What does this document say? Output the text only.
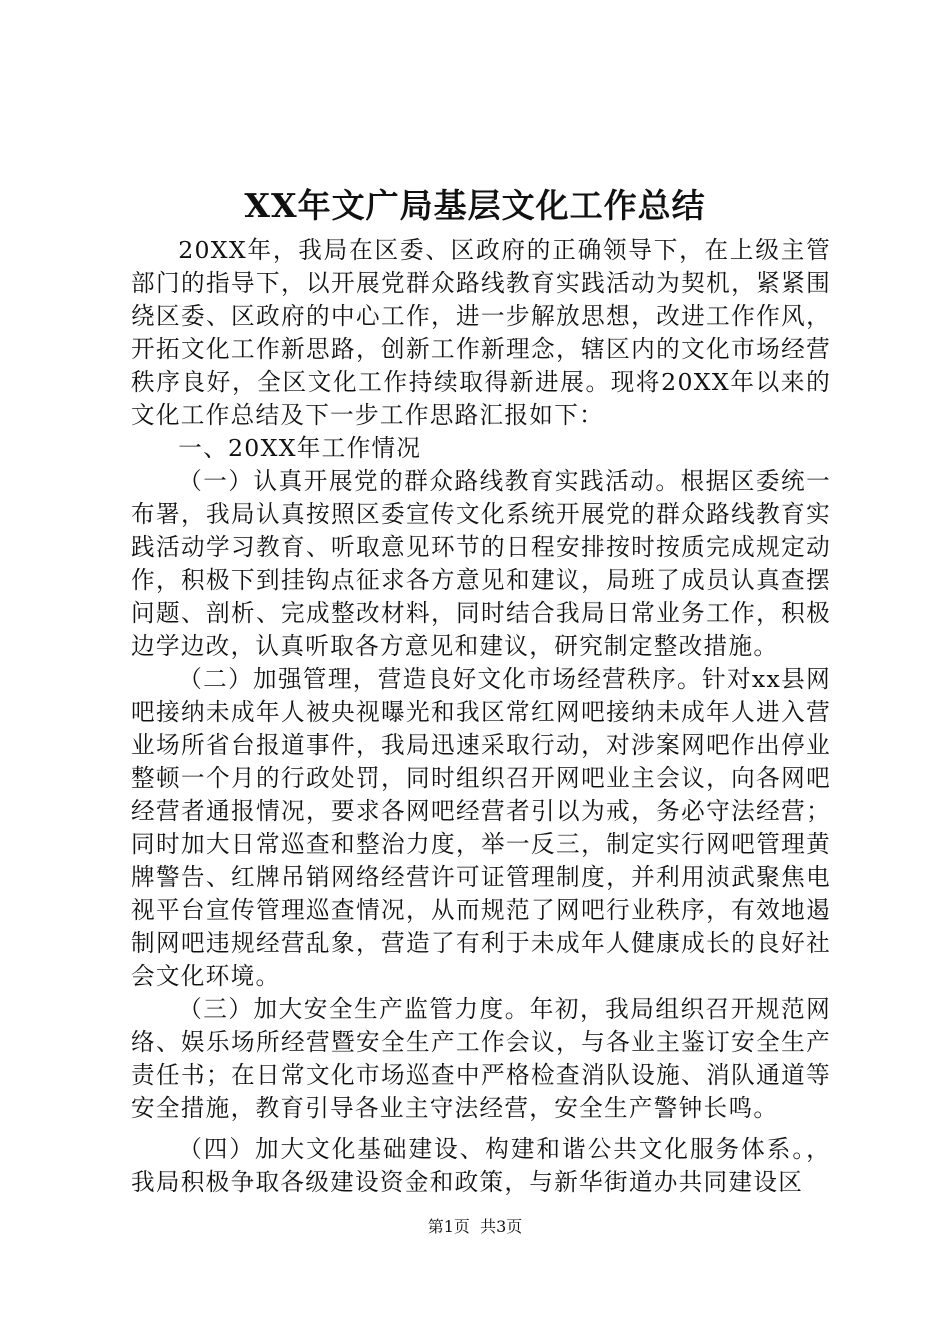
XX年文广局基层文化工作总结

20XX年，我局在区委、区政府的正确领导下，在上级主管部门的指导下，以开展党群众路线教育实践活动为契机，紧紧围绕区委、区政府的中心工作，进一步解放思想，改进工作作风，开拓文化工作新思路，创新工作新理念，辖区内的文化市场经营秩序良好，全区文化工作持续取得新进展。现将20XX年以来的文化工作总结及下一步工作思路汇报如下：

一、20XX年工作情况

（一）认真开展党的群众路线教育实践活动。根据区委统一布署，我局认真按照区委宣传文化系统开展党的群众路线教育实践活动学习教育、听取意见环节的日程安排按时按质完成规定动作，积极下到挂钩点征求各方意见和建议，局班了成员认真查摆问题、剖析、完成整改材料，同时结合我局日常业务工作，积极边学边改，认真听取各方意见和建议，研究制定整改措施。

（二）加强管理，营造良好文化市场经营秩序。针对xx县网吧接纳未成年人被央视曝光和我区常红网吧接纳未成年人进入营业场所省台报道事件，我局迅速采取行动，对涉案网吧作出停业整顿一个月的行政处罚，同时组织召开网吧业主会议，向各网吧经营者通报情况，要求各网吧经营者引以为戒，务必守法经营；同时加大日常巡查和整治力度，举一反三，制定实行网吧管理黄牌警告、红牌吊销网络经营许可证管理制度，并利用浈武聚焦电视平台宣传管理巡查情况，从而规范了网吧行业秩序，有效地遏制网吧违规经营乱象，营造了有利于未成年人健康成长的良好社会文化环境。

（三）加大安全生产监管力度。年初，我局组织召开规范网络、娱乐场所经营暨安全生产工作会议，与各业主鉴订安全生产责任书；在日常文化市场巡查中严格检查消队设施、消队通道等安全措施，教育引导各业主守法经营，安全生产警钟长鸣。

（四）加大文化基础建设、构建和谐公共文化服务体系。，我局积极争取各级建设资金和政策，与新华街道办共同建设区

第1页  共3页
